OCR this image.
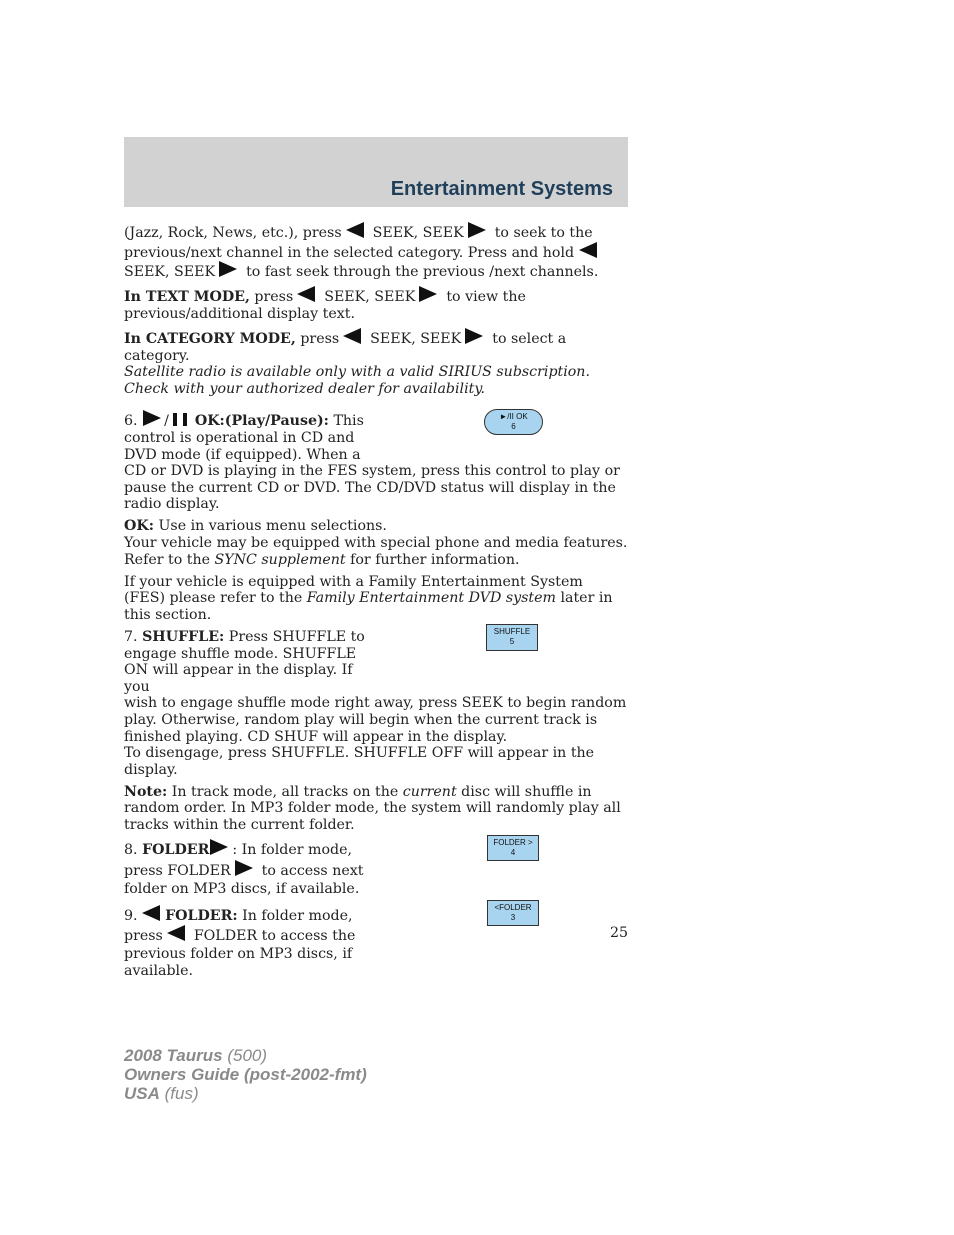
Entertainment Systems

(Jazz, Rock, News, etc.), press SEEK, SEEK to seek to the previous/next channel in the selected category. Press and hold SEEK, SEEK to fast seek through the previous /next channels.

In TEXT MODE, press SEEK, SEEK to view the previous/additional display text.

In CATEGORY MODE, press SEEK, SEEK to select a category.

Satellite radio is available only with a valid SIRIUS subscription. Check with your authorized dealer for availability.

6. / OK:(Play/Pause): This control is operational in CD and DVD mode (if equipped). When a
►/II OK
6

CD or DVD is playing in the FES system, press this control to play or pause the current CD or DVD. The CD/DVD status will display in the radio display.

OK: Use in various menu selections.

Your vehicle may be equipped with special phone and media features. Refer to the SYNC supplement for further information.

If your vehicle is equipped with a Family Entertainment System (FES) please refer to the Family Entertainment DVD system later in this section.

7. SHUFFLE: Press SHUFFLE to engage shuffle mode. SHUFFLE ON will appear in the display. If you
SHUFFLE
5

wish to engage shuffle mode right away, press SEEK to begin random play. Otherwise, random play will begin when the current track is finished playing. CD SHUF will appear in the display.

To disengage, press SHUFFLE. SHUFFLE OFF will appear in the display.

Note: In track mode, all tracks on the current disc will shuffle in random order. In MP3 folder mode, the system will randomly play all tracks within the current folder.

8. FOLDER : In folder mode, press FOLDER to access next folder on MP3 discs, if available.
FOLDER >
4
9. FOLDER: In folder mode, press FOLDER to access the previous folder on MP3 discs, if available.
<FOLDER
3
25
2008 Taurus (500)
Owners Guide (post-2002-fmt)
USA (fus)
